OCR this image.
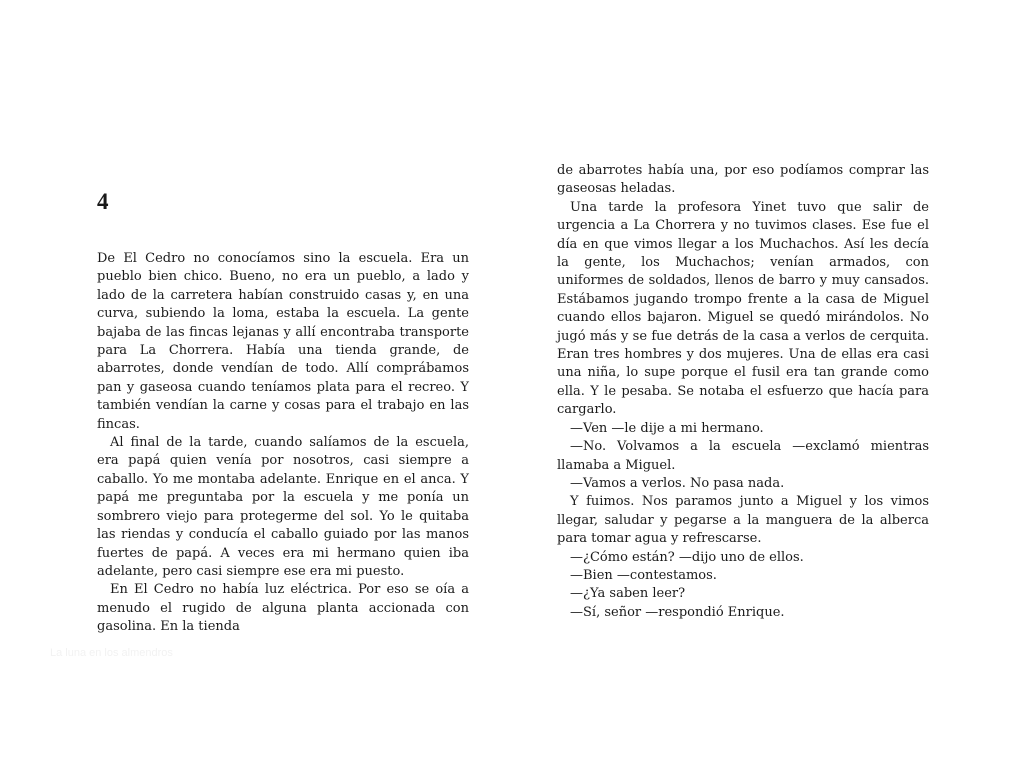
4

De El Cedro no conocíamos sino la escuela. Era un pueblo bien chico. Bueno, no era un pueblo, a lado y lado de la carretera habían construido casas y, en una curva, subiendo la loma, estaba la escuela. La gente bajaba de las fincas lejanas y allí encontraba transporte para La Chorrera. Había una tienda grande, de abarrotes, donde vendían de todo. Allí comprábamos pan y gaseosa cuando teníamos plata para el recreo. Y también vendían la carne y cosas para el trabajo en las fincas.

Al final de la tarde, cuando salíamos de la escuela, era papá quien venía por nosotros, casi siempre a caballo. Yo me montaba adelante. Enrique en el anca. Y papá me preguntaba por la escuela y me ponía un sombrero viejo para protegerme del sol. Yo le quitaba las riendas y conducía el caballo guiado por las manos fuertes de papá. A veces era mi hermano quien iba adelante, pero casi siempre ese era mi puesto.

En El Cedro no había luz eléctrica. Por eso se oía a menudo el rugido de alguna planta accionada con gasolina. En la tienda

de abarrotes había una, por eso podíamos comprar las gaseosas heladas.

Una tarde la profesora Yinet tuvo que salir de urgencia a La Chorrera y no tuvimos clases. Ese fue el día en que vimos llegar a los Muchachos. Así les decía la gente, los Muchachos; venían armados, con uniformes de soldados, llenos de barro y muy cansados. Estábamos jugando trompo frente a la casa de Miguel cuando ellos bajaron. Miguel se quedó mirándolos. No jugó más y se fue detrás de la casa a verlos de cerquita. Eran tres hombres y dos mujeres. Una de ellas era casi una niña, lo supe porque el fusil era tan grande como ella. Y le pesaba. Se notaba el esfuerzo que hacía para cargarlo.

—Ven —le dije a mi hermano.

—No. Volvamos a la escuela —exclamó mientras llamaba a Miguel.

—Vamos a verlos. No pasa nada.

Y fuimos. Nos paramos junto a Miguel y los vimos llegar, saludar y pegarse a la manguera de la alberca para tomar agua y refrescarse.

—¿Cómo están? —dijo uno de ellos.

—Bien —contestamos.

—¿Ya saben leer?

—Sí, señor —respondió Enrique.

La luna en los almendros
